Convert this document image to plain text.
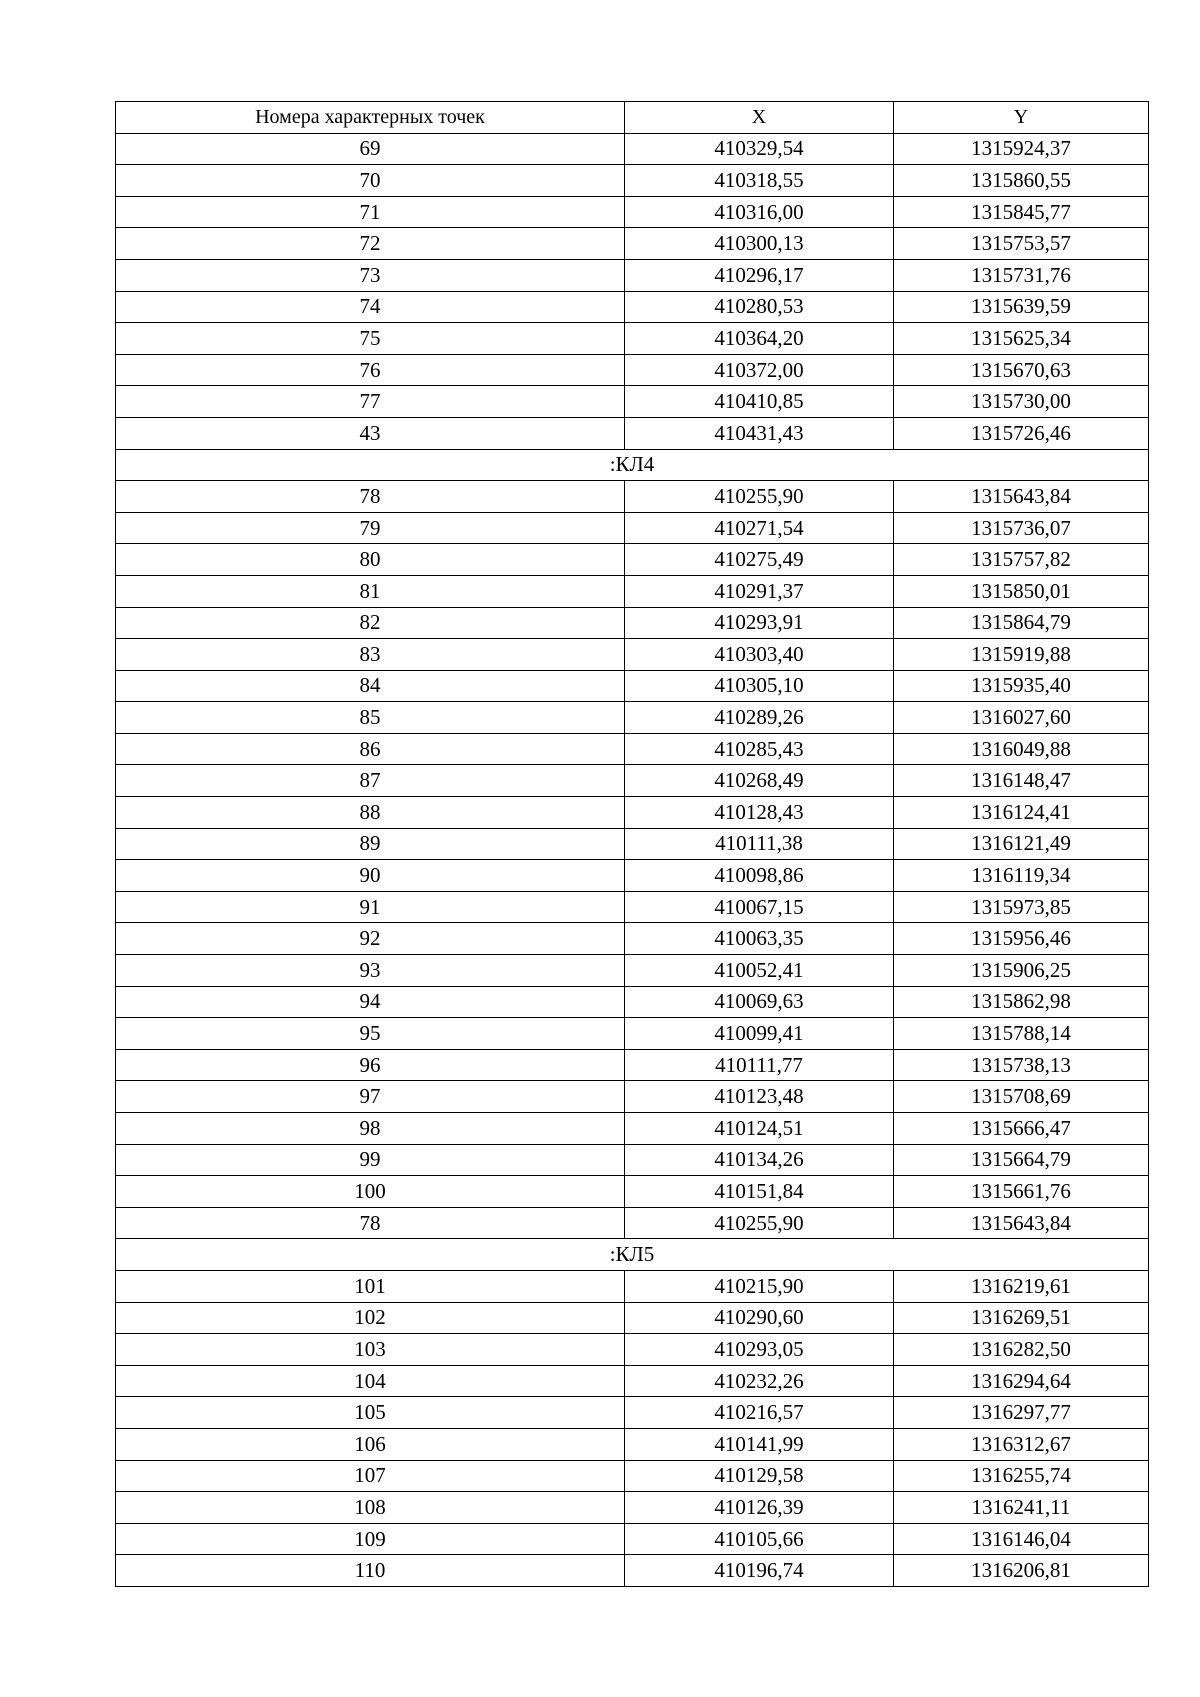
Номера характерных точек	X	Y
69	410329,54	1315924,37
70	410318,55	1315860,55
71	410316,00	1315845,77
72	410300,13	1315753,57
73	410296,17	1315731,76
74	410280,53	1315639,59
75	410364,20	1315625,34
76	410372,00	1315670,63
77	410410,85	1315730,00
43	410431,43	1315726,46
:КЛ4		
78	410255,90	1315643,84
79	410271,54	1315736,07
80	410275,49	1315757,82
81	410291,37	1315850,01
82	410293,91	1315864,79
83	410303,40	1315919,88
84	410305,10	1315935,40
85	410289,26	1316027,60
86	410285,43	1316049,88
87	410268,49	1316148,47
88	410128,43	1316124,41
89	410111,38	1316121,49
90	410098,86	1316119,34
91	410067,15	1315973,85
92	410063,35	1315956,46
93	410052,41	1315906,25
94	410069,63	1315862,98
95	410099,41	1315788,14
96	410111,77	1315738,13
97	410123,48	1315708,69
98	410124,51	1315666,47
99	410134,26	1315664,79
100	410151,84	1315661,76
78	410255,90	1315643,84
:КЛ5		
101	410215,90	1316219,61
102	410290,60	1316269,51
103	410293,05	1316282,50
104	410232,26	1316294,64
105	410216,57	1316297,77
106	410141,99	1316312,67
107	410129,58	1316255,74
108	410126,39	1316241,11
109	410105,66	1316146,04
110	410196,74	1316206,81
